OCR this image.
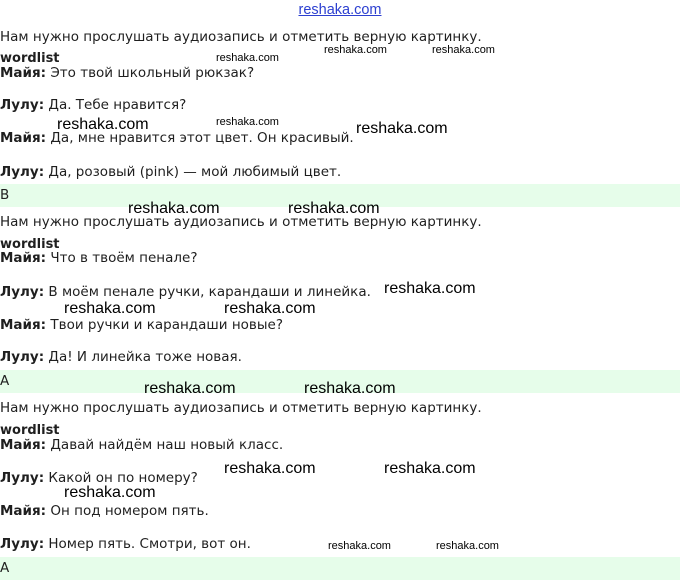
reshaka.com
Нам нужно прослушать аудиозапись и отметить верную картинку.
wordlist
Майя: Это твой школьный рюкзак?
Лулу: Да. Тебе нравится?
Майя: Да, мне нравится этот цвет. Он красивый.
Лулу: Да, розовый (pink) — мой любимый цвет.
B
Нам нужно прослушать аудиозапись и отметить верную картинку.
wordlist
Майя: Что в твоём пенале?
Лулу: В моём пенале ручки, карандаши и линейка.
Майя: Твои ручки и карандаши новые?
Лулу: Да! И линейка тоже новая.
A
Нам нужно прослушать аудиозапись и отметить верную картинку.
wordlist
Майя: Давай найдём наш новый класс.
Лулу: Какой он по номеру?
Майя: Он под номером пять.
Лулу: Номер пять. Смотри, вот он.
A
reshaka.com
reshaka.com	reshaka.com
reshaka.com
reshaka.com	reshaka.com
reshaka.com	reshaka.com
reshaka.com
reshaka.com	reshaka.com
reshaka.com	reshaka.com
reshaka.com	reshaka.com
reshaka.com
reshaka.com	reshaka.com
